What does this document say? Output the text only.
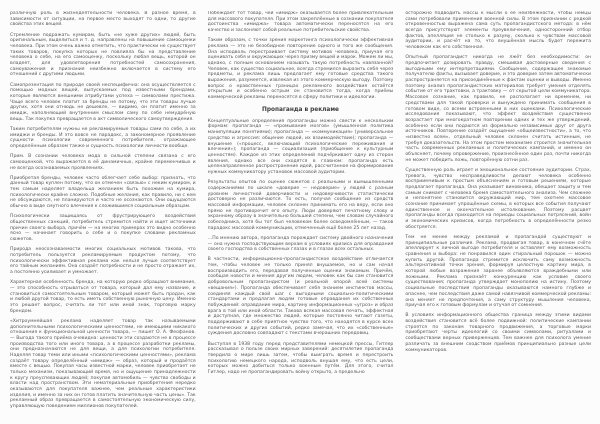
различную роль в жизнедеятельности человека. В разное время, в зависимости от ситуации, на первое место выходят то одни, то другие свойства этих вещей.

Стремление подражать кумирам, быть «не хуже других» людей, быть оригинальным, выделиться и т. д. направлены на повышение самооценки человека. При этом очень важно отметить, что практически не существует таких товаров, покупка которых не повлияла бы на представление человека о себе, на его самооценку, поскольку любая вещь, которой он владеет, для удовлетворения потребностей самосохранения, самоуважения и признания неизбежно включается в систему его отношений с другими людьми.

Самопрезентация по природе своей неспецифична: она осуществляется с помощью модных вещей, выпускаемых под известными брендами, которые являются внешними атрибутами успеха — символами престижа. Чаще всего человек платит за бренды не потому, что эти товары лучше других, хотя они отнюдь не дешевле, — видимо, он платит именно за имидж, наполняющий внутренним смыслом саму по себе немудрёную вещь. Так покупка превращается в акт символического самоутверждения.

Таким потребителям нужны не рекламируемые товары сами по себе, а их имиджи и бренды. И это вовсе не парадокс, а закономерное проявление сущности психологии современного потребителя, отражающее определённым образом также и сущность психологии личности вообще.

Прим. В сознании человека мода в сильной степени связана с его самооценкой, что выражается в её динамичных, крайне переменчивых и не всегда осознаваемых проявлениях.

Приобретая бренды, человек часто облегчает себе выбор: признать, что данный товар куплен потому, что он отмечен «связью» с неким кумиром, и тем самым наделяет владельца желанием быть похожим на кумира, психологически крайне сложно. Подобные желания, как правило, ни с кем не обсуждаются, не планируются и часто не осознаются. Они ощущаются обычно в виде смутного влечения к сложившимся социальным образцам.

Психологически защищаясь от фрустрирующего воздействия общественных санкций, потребитель стремится найти и ищет источники причин своего выбора, причём — на многих примерах это видно особенно ясно — начинает говорить о себе и о покупке словами рекламных сюжетов.

Природа неосознаваемости многих социальных мотивов такова, что потребитель пользуется рекламируемым продуктом потому, что психологически эффективная реклама как нельзя лучше соответствует его тайным желаниям. Она создаёт потребности и не просто отражает их, а постоянно усиливает и умножает.

Характерная особенность бренда, на которую редко обращают внимание, — это способность отрываться от товара, который дал ему название, и становиться самостоятельным товаром, который может быть продан, как и любой другой товар, то есть иметь собственную рыночную цену. Именно это решает вопрос, считать ли тот или иной знак, торговую марку брендом.

«Хитроумнейшая реклама наделяет товар так называемыми дополнительными психологическими ценностями, не имеющими никакого отношения к функциональной ценности товара, — пишет О. А. Феофанов. — Выгода такого приёма очевидна: ценности эти создаются не в процессе производства того или иного товара, а в процессе разработки рекламы, они предназначаются не для вещи, а для психологии потребителя. Наделяя товар теми или иными «психологическими ценностями», реклама создаёт товару определённый «имидж» — образ, который и продаётся вместе с вещью. Покупая часы известной марки, человек приобретает не только механизм, показывающий время, но и ощущение принадлежности к кругу преуспевающих людей; покупая автомобиль — чувство свободы и власти над пространством. Эти нематериальные приобретения нередко оказываются для покупателя важнее, чем реальные характеристики изделия, и именно за них он готов платить значительную часть цены». Так рекламный образ превращается в самостоятельную экономическую силу, управляющую поведением миллионов покупателей.

Побеждает тот товар, чей «имидж» оказывается более привлекательным для массового покупателя. При этом закреплённые в сознании покупателя достоинства «имиджа» товара автоматически переносятся на его качество и заслоняют собой реальные потребительские свойства.

Таким образом, с точки зрения маркетинга психологически эффективная реклама — это не безобидное повторение одного и того же сообщения. Она исподволь перестраивает систему мотивов человека, приучая его оценивать себя и окружающих через призму вещей и марок. Можем ли мы, однако, с полным основанием называть такую потребность навязанной? Человек, как существо социальное, всегда стремился выразить себя через предметы, и реклама лишь предлагает ему готовые средства такого выражения, разумеется, извлекая из этого коммерческую выгоду. Поэтому вопрос о нравственных границах рекламного воздействия остаётся открытым и особенно острым он становится тогда, когда приёмы коммерческой рекламы переносятся в сферу политики и идеологии.

Пропаганда в рекламе

Концептуальные определения пропаганды можно свести к нескольким формам: пропаганда — «промывание мозгов» (умышленная политика манипуляции понятиями); пропаганда — «коммуникация» (универсальное средство и агрессия: общение людей, их взаимодействие); пропаганда — внушение («процесс, включающий психологические переживания и влечения»); пропаганда — социализация (приобщение к культурным ценностям). Каждое из этих определений подчёркивает одну из сторон явления, однако все они сходятся в главном: пропаганда есть целенаправленное распространение идей, рассчитанное на формирование нужных коммуникатору установок массовой аудитории.

Результаты опытов по оценке сюжетов с реальными и вымышленными содержаниями по шкале «доверие — недоверие» у людей с разным уровнем личностной доверчивости и недоверчивости статистически достоверно не различаются. То есть, получая сообщение из средств массовой информации, человек склонен принимать его на веру, если оно прямо не противоречит его опыту. Люди доверяют печатному слову и экранному образу в значительно большей степени, чем словам случайного собеседника, хотя бы тот был человеком более осведомлённым, — таков парадокс массовой коммуникации, отмеченный ещё более 25 лет назад.

…По мнению автора, пропаганда порождает систему двойного назначения — она нужна господствующим верхам в условиях кризиса для оправдания своего господства в собственных глазах и в глазах всех остальных.

В частности, информационно-пропагандистское воздействие отличается тем, чтобы человек не только принял внушаемое, но и сам начал воспроизводить его, передавая полученные оценки знакомым. Причём, сообщая новости и мнения другим людям, человек как бы сам становится добровольным пропагандистом (и реальной опорой всей системы «вещания»). Пропаганда обеспечивает себя знанием инстинктов массы, соединяя каждый свой шаг с выгодными социально-политическими стандартами и предлагая людям готовые оправдания их собственных побуждений: оправдание мира, картину информационных «угроз» и образ врага в той или иной области. Такова всякая массовая печать, эффектная и доступная, где множество людей, которые постоянно читают газеты, поддерживают в себе приятное чувство того, что находятся в курсе всех политических и других событий, редко замечая, что их «собственные» суждения дословно совпадают с текстами вчерашних передовиц.

Выступая в 1938 году перед представителями немецкой прессы, Гитлер рассказывал о пользе своих мирных заверений: десятилетие пропаганда твердила о мире лишь затем, чтобы выиграть время и перестроить психологию немецкого народа, исподволь внушая ему, что есть цели, которых можно добиться только военным путём. Для этого, считал Гитлер, надо не пропагандировать войну открыто, а предельно

осторожно подводить массы к мысли о её неизбежности, чтобы немцы сами потребовали применения военной силы. В этом признании с редкой откровенностью выражена сама суть пропагандистского метода: в нём всегда присутствуют элементы преувеличения, односторонний отбор фактов, апелляция не столько к разуму, сколько к чувствам массовой аудитории, и расчёт на то, что внушённая мысль будет пережита человеком как его собственная.

Опытный пропагандист никогда не лжёт без необходимости: он предпочитает дозировать правду, смешивая достоверные сведения с выгодными ему интерпретациями. Сообщение, содержащее знакомые получателю факты, вызывает доверие, и это доверие затем автоматически распространяется на присоединённые к фактам оценки и выводы. Именно поэтому анализ пропагандистских материалов требует умения отделять событие от его трактовки, а трактовку — от скрытой цели коммуникатора. Массовое сознание, как правило, не располагает ни временем, ни средствами для такой проверки и вынуждено принимать сообщения в готовом виде, со всеми встроенными в них оценками. Психологические исследования показывают, что эффект воздействия существенно возрастает при многократном повторении одних и тех же утверждений, особенно если они подаются из формально независимых друг от друга источников. Повторение создаёт ощущение «общеизвестности», а то, что «известно всем», отдельный человек склонен считать истинным, не требуя доказательств. На этом простом механизме строится значительная часть современных рекламных и политических кампаний, и именно он объясняет, почему опровержение, произнесённое один раз, почти никогда не может победить ложь, повторённую сотни раз.

Существенную роль играет и эмоциональное состояние аудитории. Страх, тревога, чувство несправедливости делают человека особенно восприимчивым к простым объяснениям и готовым решениям, которые предлагает пропаганда. Она указывает виновника, обещает защиту и тем самым снимает с человека бремя самостоятельного анализа. Чем сложнее и непонятнее становится окружающий мир, тем охотнее массовое сознание принимает упрощённые схемы, в которых все события получают единственное и окончательное истолкование. Поэтому расцвет пропаганды всегда приходится на периоды социальных потрясений, войн и экономических кризисов, когда потребность в определённости резко обостряется.

Тем не менее между рекламой и пропагандой существуют и принципиальные различия. Реклама, продвигая товар, в конечном счёте апеллирует к личной выгоде потребителя и оставляет ему возможность сравнения и выбора: не понравился один стиральный порошок — можно купить другой. Пропаганда стремится исключить саму возможность альтернативной точки зрения, формируя целостную картину мира, в которой любые возражения заранее объявляются враждебными или ложными. Реклама признаёт конкуренцию как условие своего существования; пропаганда утверждает монополию на истину. Поэтому социальные последствия пропаганды оказываются намного глубже и опаснее, чем последствия даже самой навязчивой коммерческой рекламы: она меняет не предпочтения, а саму структуру мышления человека, приучая его к готовым формулам и отучая от сомнения.

В условиях информационного общества граница между этими видами воздействия становится всё более подвижной: политические кампании строятся по законам товарного продвижения, а торговые марки приобретают черты идеологий со своими символами, ритуалами и сообществами верных приверженцев. Тем важнее для психолога умение различать за внешним сходством приёмов принципиально разные цели коммуникаторов.
